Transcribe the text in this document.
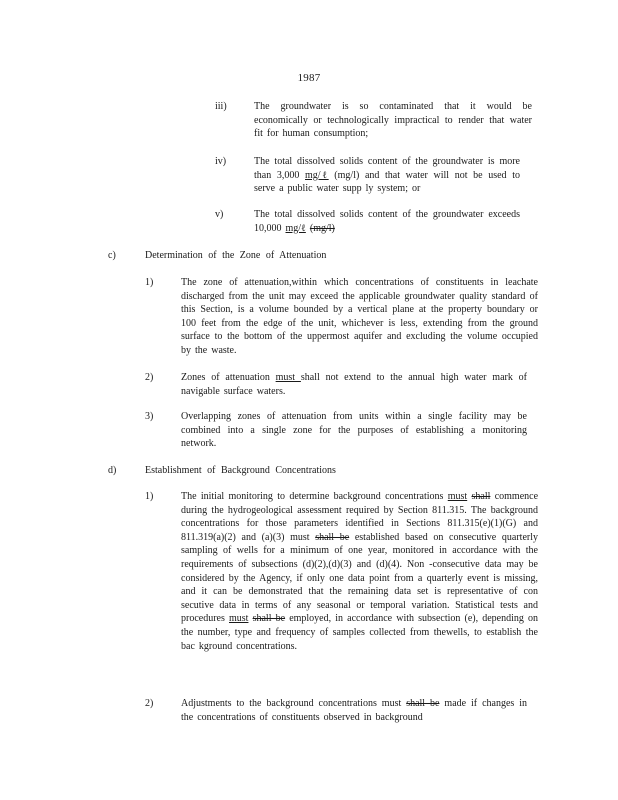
1987
iii)	The groundwater is so contaminated that it would be economically or technologically impractical to render that water fit for human consumption;
iv)	The total dissolved solids content of the groundwater is more than 3,000 mg/ℓ (mg/l) and that water will not be used to serve a public water supp ly system; or
v)	The total dissolved solids content of the groundwater exceeds 10,000 mg/ℓ (mg/l)
c)	Determination of the Zone of Attenuation
1)	The zone of attenuation,within which concentrations of constituents in leachate discharged from the unit may exceed the applicable groundwater quality standard of this Section, is a volume bounded by a vertical plane at the property boundary or 100 feet from the edge of the unit, whichever is less, extending from the ground surface to the bottom of the uppermost aquifer and excluding the volume occupied by the waste.
2)	Zones of attenuation must shall not extend to the annual high water mark of navigable surface waters.
3)	Overlapping zones of attenuation from units within a single facility may be combined into a single zone for the purposes of establishing a monitoring network.
d)	Establishment of Background Concentrations
1)	The initial monitoring to determine background concentrations must shall commence during the hydrogeological assessment required by Section 811.315. The background concentrations for those parameters identified in Sections 811.315(e)(1)(G) and 811.319(a)(2) and (a)(3) must shall be established based on consecutive quarterly sampling of wells for a minimum of one year, monitored in accordance with the requirements of subsections (d)(2),(d)(3) and (d)(4). Non -consecutive data may be considered by the Agency, if only one data point from a quarterly event is missing, and it can be demonstrated that the remaining data set is representative of con secutive data in terms of any seasonal or temporal variation. Statistical tests and procedures must shall be employed, in accordance with subsection (e), depending on the number, type and frequency of samples collected from thewells, to establish the bac kground concentrations.
2)	Adjustments to the background concentrations must shall be made if changes in the concentrations of constituents observed in background
